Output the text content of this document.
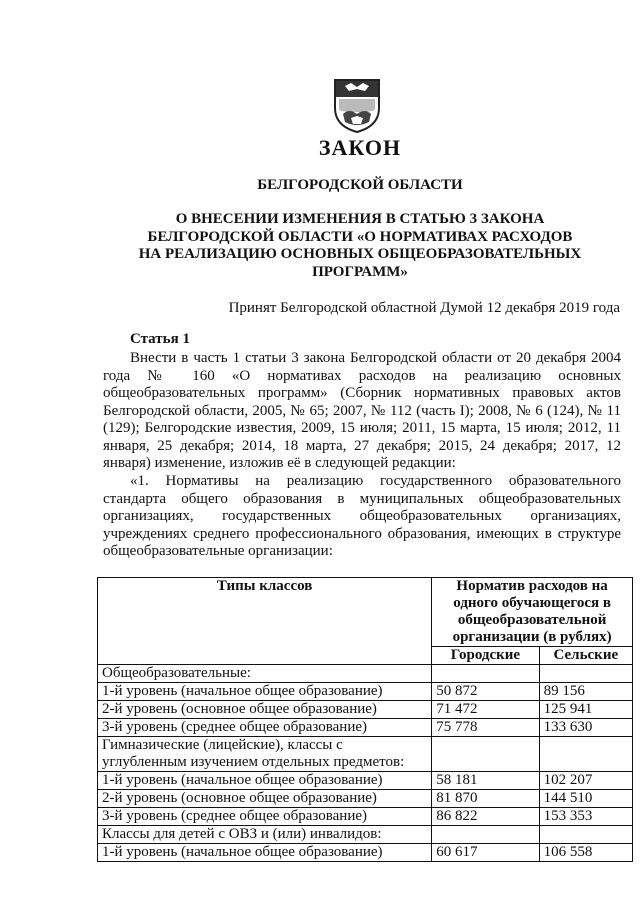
ЗАКОН

БЕЛГОРОДСКОЙ ОБЛАСТИ

О ВНЕСЕНИИ ИЗМЕНЕНИЯ В СТАТЬЮ 3 ЗАКОНА
БЕЛГОРОДСКОЙ ОБЛАСТИ «О НОРМАТИВАХ РАСХОДОВ
НА РЕАЛИЗАЦИЮ ОСНОВНЫХ ОБЩЕОБРАЗОВАТЕЛЬНЫХ
ПРОГРАММ»

Принят Белгородской областной Думой 12 декабря 2019 года

Статья 1

Внести в часть 1 статьи 3 закона Белгородской области от 20 декабря 2004 года № 160 «О нормативах расходов на реализацию основных общеобразовательных программ» (Сборник нормативных правовых актов Белгородской области, 2005, № 65; 2007, № 112 (часть I); 2008, № 6 (124), № 11 (129); Белгородские известия, 2009, 15 июля; 2011, 15 марта, 15 июля; 2012, 11 января, 25 декабря; 2014, 18 марта, 27 декабря; 2015, 24 декабря; 2017, 12 января) изменение, изложив её в следующей редакции:

«1. Нормативы на реализацию государственного образовательного стандарта общего образования в муниципальных общеобразовательных организациях, государственных общеобразовательных организациях, учреждениях среднего профессионального образования, имеющих в структуре общеобразовательные организации:

Типы классов	Норматив расходов на одного обучающегося в общеобразовательной организации (в рублях)	
	Городские	Сельские
Общеобразовательные:		
1-й уровень (начальное общее образование)	50 872	89 156
2-й уровень (основное общее образование)	71 472	125 941
3-й уровень (среднее общее образование)	75 778	133 630
Гимназические (лицейские), классы с углубленным изучением отдельных предметов:		
1-й уровень (начальное общее образование)	58 181	102 207
2-й уровень (основное общее образование)	81 870	144 510
3-й уровень (среднее общее образование)	86 822	153 353
Классы для детей с ОВЗ и (или) инвалидов:		
1-й уровень (начальное общее образование)	60 617	106 558
